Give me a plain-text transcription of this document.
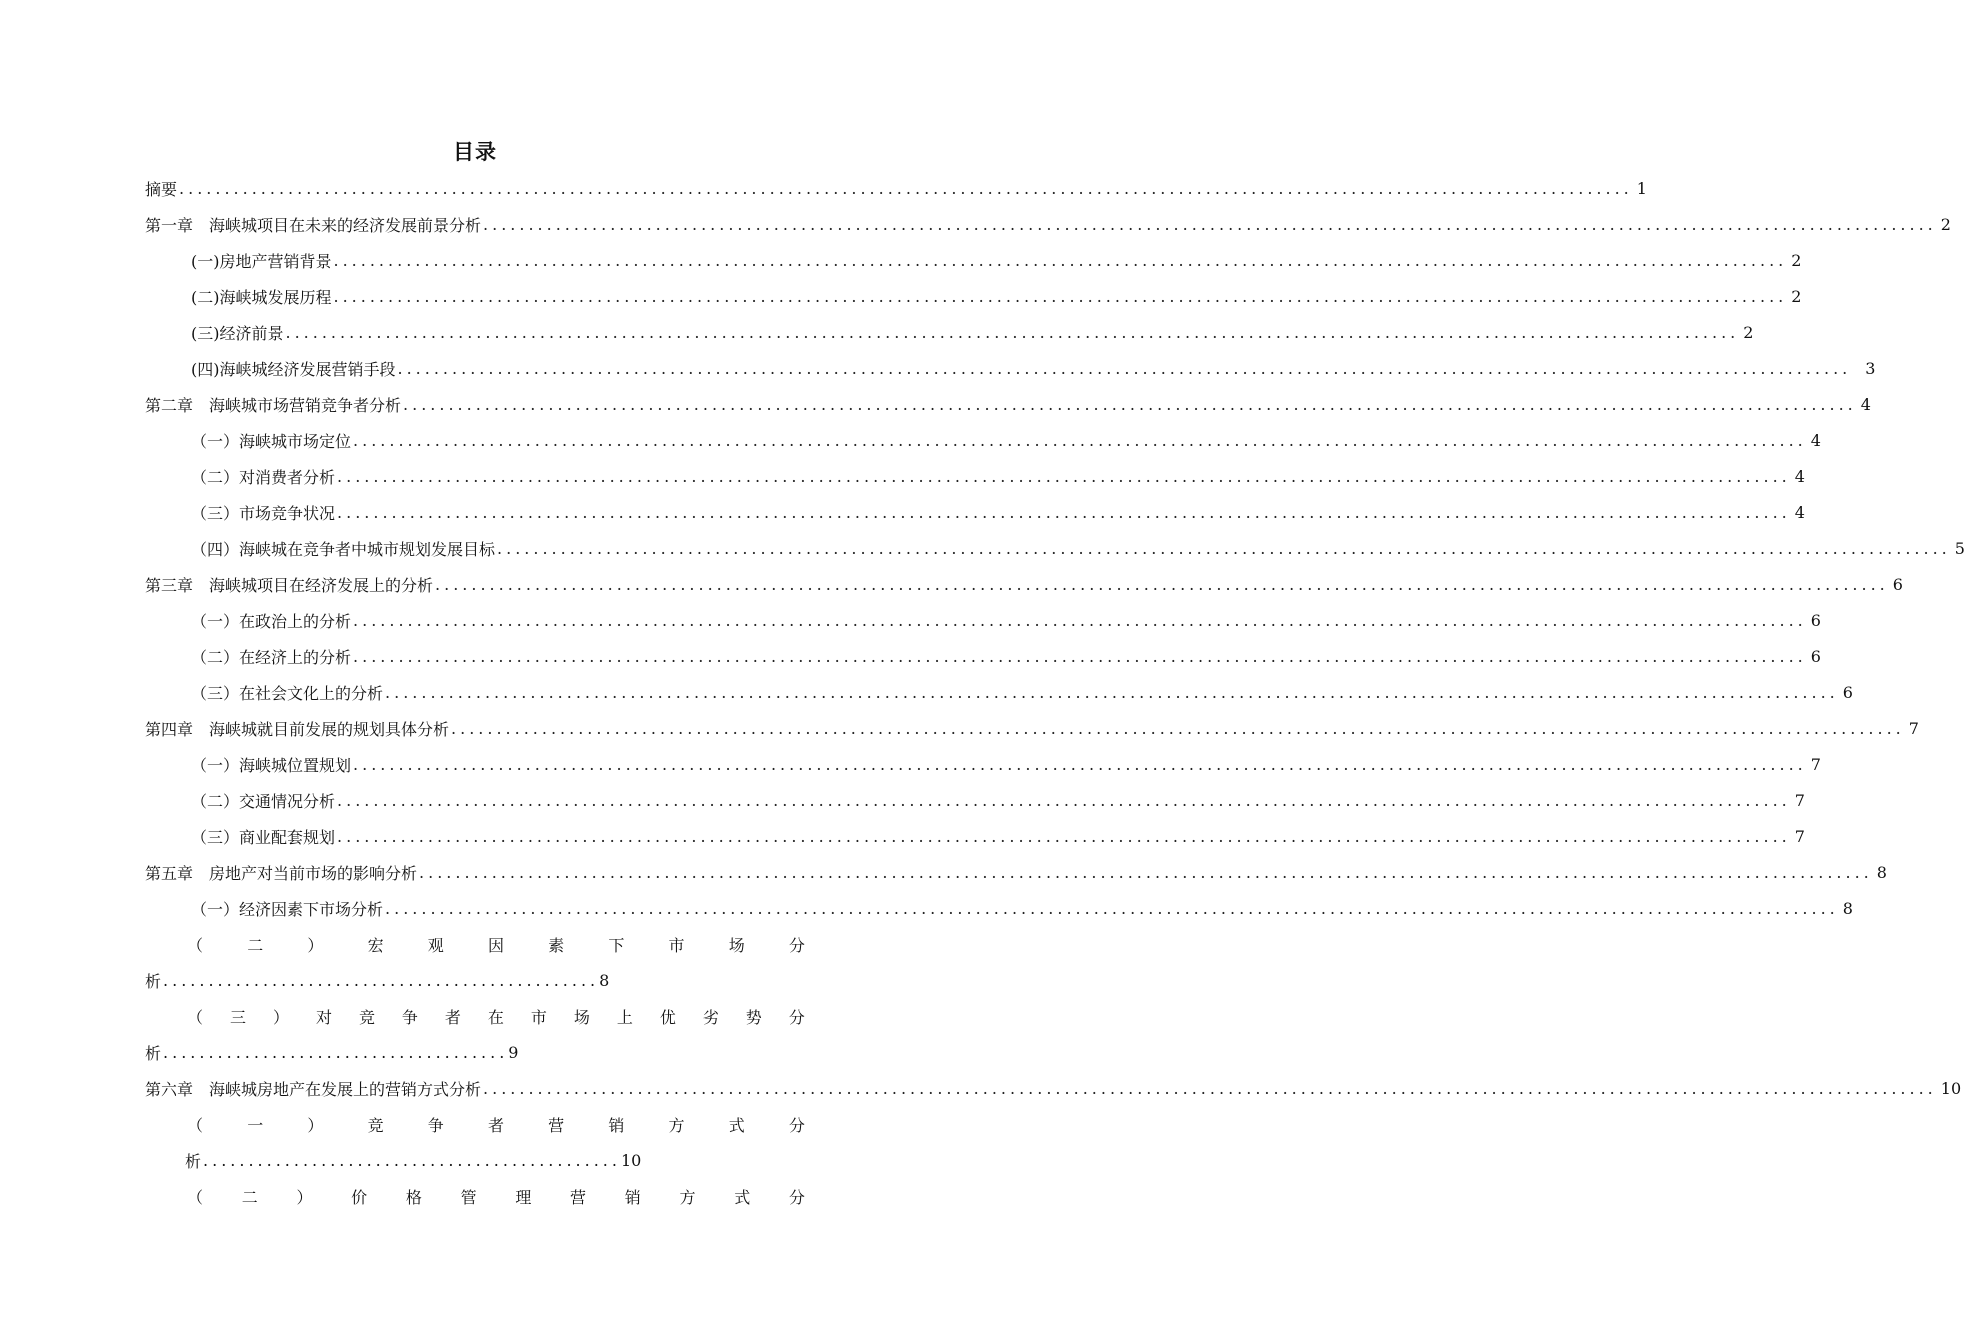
目录
摘要 ................................................................................................................................................................ 1
第一章　海峡城项目在未来的经济发展前景分析 ................................................................................................................................................................ 2
(一)房地产营销背景 ................................................................................................................................................................ 2
(二)海峡城发展历程 ................................................................................................................................................................ 2
(三)经济前景 ................................................................................................................................................................ 2
(四)海峡城经济发展营销手段 ................................................................................................................................................................ 3
第二章　海峡城市场营销竞争者分析 ................................................................................................................................................................ 4
（一）海峡城市场定位 ................................................................................................................................................................ 4
（二）对消费者分析 ................................................................................................................................................................ 4
（三）市场竞争状况 ................................................................................................................................................................ 4
（四）海峡城在竞争者中城市规划发展目标 ................................................................................................................................................................ 5
第三章　海峡城项目在经济发展上的分析 ................................................................................................................................................................ 6
（一）在政治上的分析 ................................................................................................................................................................ 6
（二）在经济上的分析 ................................................................................................................................................................ 6
（三）在社会文化上的分析 ................................................................................................................................................................ 6
第四章　海峡城就目前发展的规划具体分析 ................................................................................................................................................................ 7
（一）海峡城位置规划 ................................................................................................................................................................ 7
（二）交通情况分析 ................................................................................................................................................................ 7
（三）商业配套规划 ................................................................................................................................................................ 7
第五章　房地产对当前市场的影响分析 ................................................................................................................................................................ 8
（一）经济因素下市场分析 ................................................................................................................................................................ 8
（	二	）	宏	观	因	素	下	市	场	分
析 ................................................ 8
（ 三 ） 对 竞 争 者 在 市 场 上 优 劣 势 分
析 ...................................... 9
第六章　海峡城房地产在发展上的营销方式分析 ................................................................................................................................................................ 10
（	一	）	竞	争	者	营	销	方	式	分
析 .............................................. 10
（ 二 ） 价 格 管 理 营 销 方 式 分
